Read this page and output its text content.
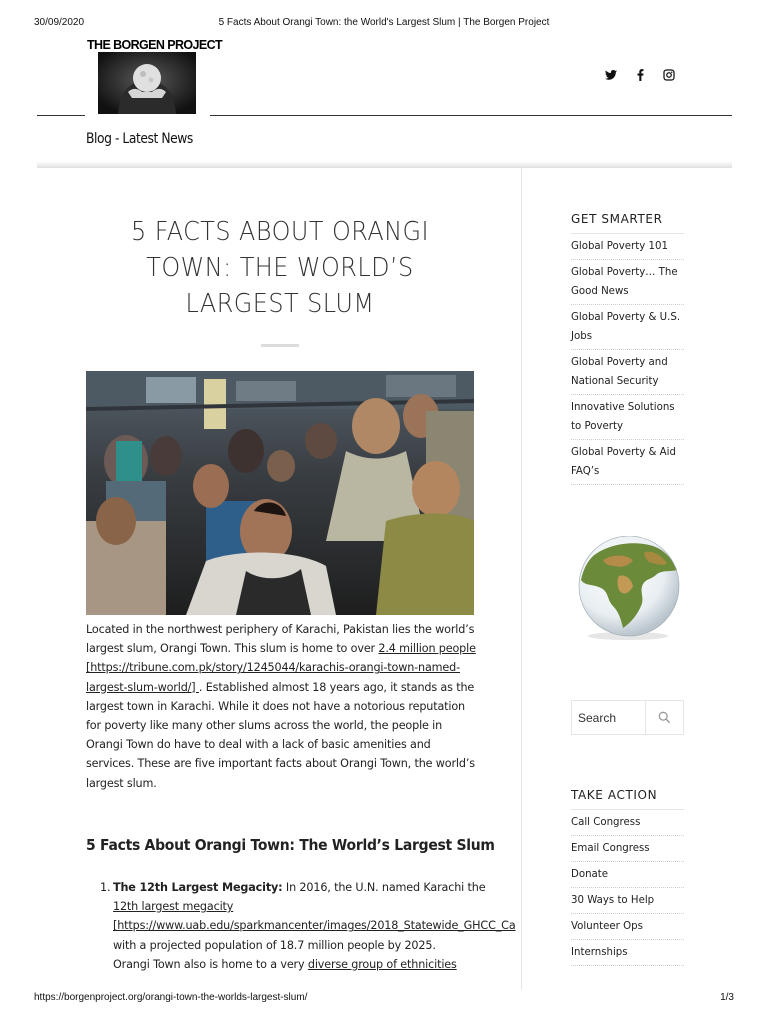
30/09/2020	5 Facts About Orangi Town: the World's Largest Slum | The Borgen Project
THE BORGEN PROJECT
Blog - Latest News
5 FACTS ABOUT ORANGI TOWN: THE WORLD’S LARGEST SLUM
Located in the northwest periphery of Karachi, Pakistan lies the world’s largest slum, Orangi Town. This slum is home to over 2.4 million people [https://tribune.com.pk/story/1245044/karachis-orangi-town-named-largest-slum-world/] . Established almost 18 years ago, it stands as the largest town in Karachi. While it does not have a notorious reputation for poverty like many other slums across the world, the people in Orangi Town do have to deal with a lack of basic amenities and services. These are five important facts about Orangi Town, the world’s largest slum.
5 Facts About Orangi Town: The World’s Largest Slum
1. The 12th Largest Megacity: In 2016, the U.N. named Karachi the
12th largest megacity
[https://www.uab.edu/sparkmancenter/images/2018_Statewide_GHCC_Ca
with a projected population of 18.7 million people by 2025.
Orangi Town also is home to a very diverse group of ethnicities
GET SMARTER
Global Poverty 101
Global Poverty… The Good News
Global Poverty & U.S. Jobs
Global Poverty and National Security
Innovative Solutions to Poverty
Global Poverty & Aid FAQ’s
Search
TAKE ACTION
Call Congress
Email Congress
Donate
30 Ways to Help
Volunteer Ops
Internships
https://borgenproject.org/orangi-town-the-worlds-largest-slum/	1/3
